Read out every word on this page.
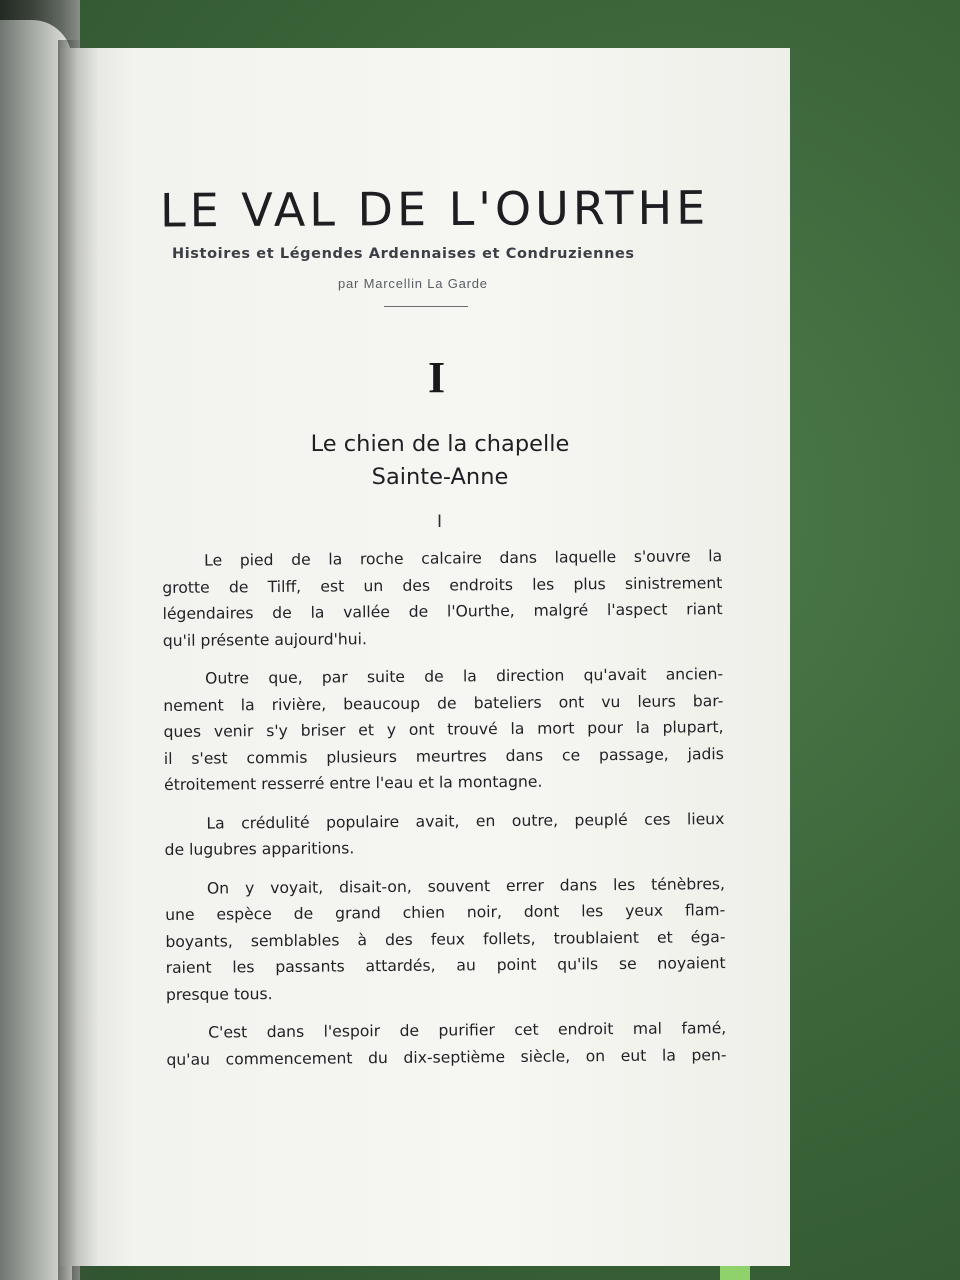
LE VAL DE L'OURTHE
Histoires et Légendes Ardennaises et Condruziennes
par Marcellin La Garde
I
Le chien de la chapelle
Sainte-Anne
I

Le pied de la roche calcaire dans laquelle s'ouvre la
grotte de Tilff, est un des endroits les plus sinistrement
légendaires de la vallée de l'Ourthe, malgré l'aspect riant
qu'il présente aujourd'hui.

Outre que, par suite de la direction qu'avait ancien-
nement la rivière, beaucoup de bateliers ont vu leurs bar-
ques venir s'y briser et y ont trouvé la mort pour la plupart,
il s'est commis plusieurs meurtres dans ce passage, jadis
étroitement resserré entre l'eau et la montagne.

La crédulité populaire avait, en outre, peuplé ces lieux
de lugubres apparitions.

On y voyait, disait-on, souvent errer dans les ténèbres,
une espèce de grand chien noir, dont les yeux flam-
boyants, semblables à des feux follets, troublaient et éga-
raient les passants attardés, au point qu'ils se noyaient
presque tous.

C'est dans l'espoir de purifier cet endroit mal famé,
qu'au commencement du dix-septième siècle, on eut la pen-
